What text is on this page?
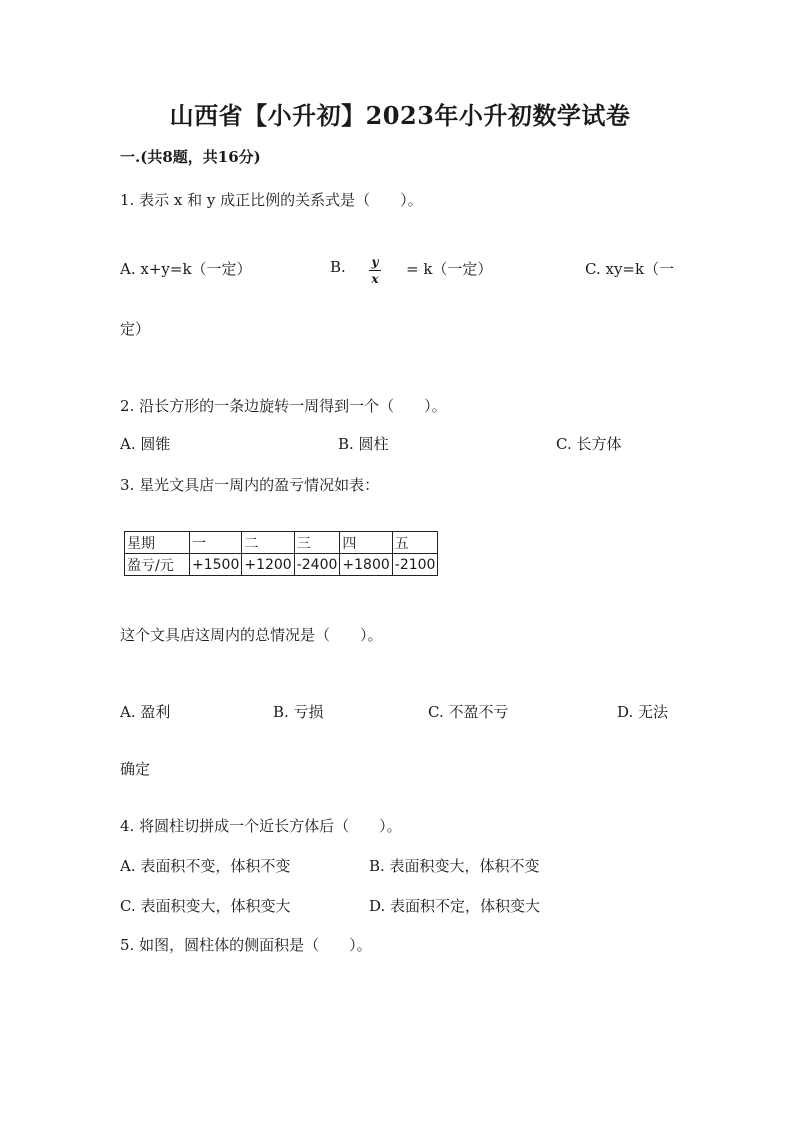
山西省【小升初】2023年小升初数学试卷
一.(共8题，共16分)
1. 表示 x 和 y 成正比例的关系式是（　　）。
A. x+y=k（一定）	B. y
x
= k（一定）	C. xy=k（一
定）
2. 沿长方形的一条边旋转一周得到一个（　　）。
A. 圆锥	B. 圆柱	C. 长方体
3. 星光文具店一周内的盈亏情况如表：
星期	一	二	三	四	五
盈亏/元	+1500	+1200	-2400	+1800	-2100
这个文具店这周内的总情况是（　　）。
A. 盈利	B. 亏损	C. 不盈不亏	D. 无法
确定
4. 将圆柱切拼成一个近长方体后（　　）。
A. 表面积不变，体积不变	B. 表面积变大，体积不变
C. 表面积变大，体积变大	D. 表面积不定，体积变大
5. 如图，圆柱体的侧面积是（　　）。
